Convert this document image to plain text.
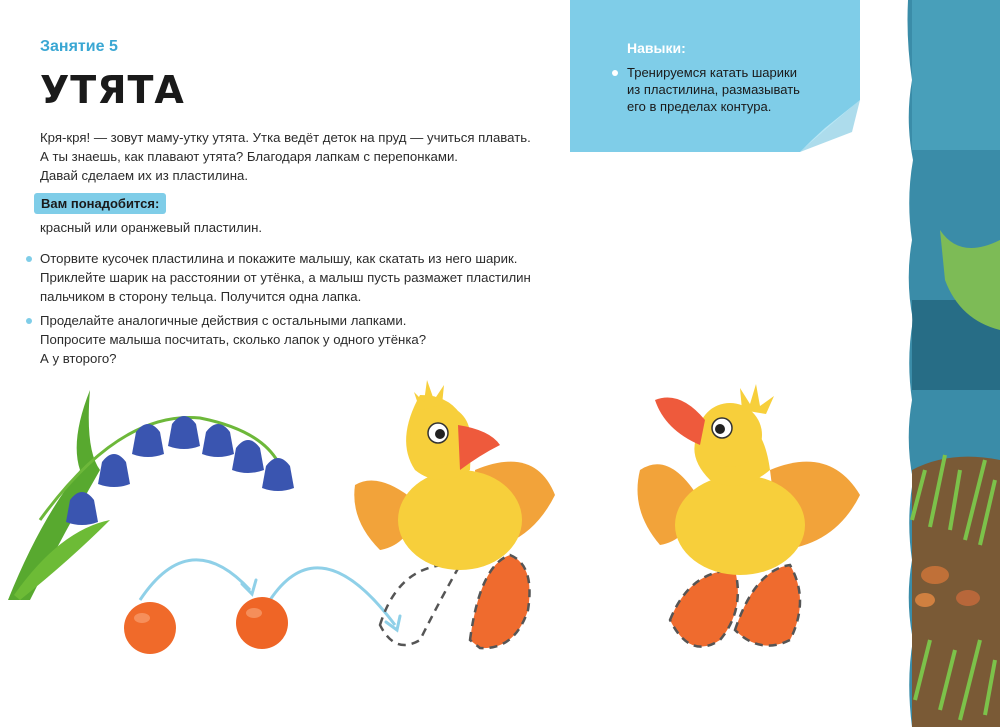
Занятие 5
УТЯТА
Кря-кря! — зовут маму-утку утята. Утка ведёт деток на пруд — учиться плавать.
А ты знаешь, как плавают утята? Благодаря лапкам с перепонками.
Давай сделаем их из пластилина.
Вам понадобится:
красный или оранжевый пластилин.
Оторвите кусочек пластилина и покажите малышу, как скатать из него шарик.
Приклейте шарик на расстоянии от утёнка, а малыш пусть размажет пластилин
пальчиком в сторону тельца. Получится одна лапка.
Проделайте аналогичные действия с остальными лапками.
Попросите малыша посчитать, сколько лапок у одного утёнка?
А у второго?
Навыки:
Тренируемся катать шарики
из пластилина, размазывать
его в пределах контура.
